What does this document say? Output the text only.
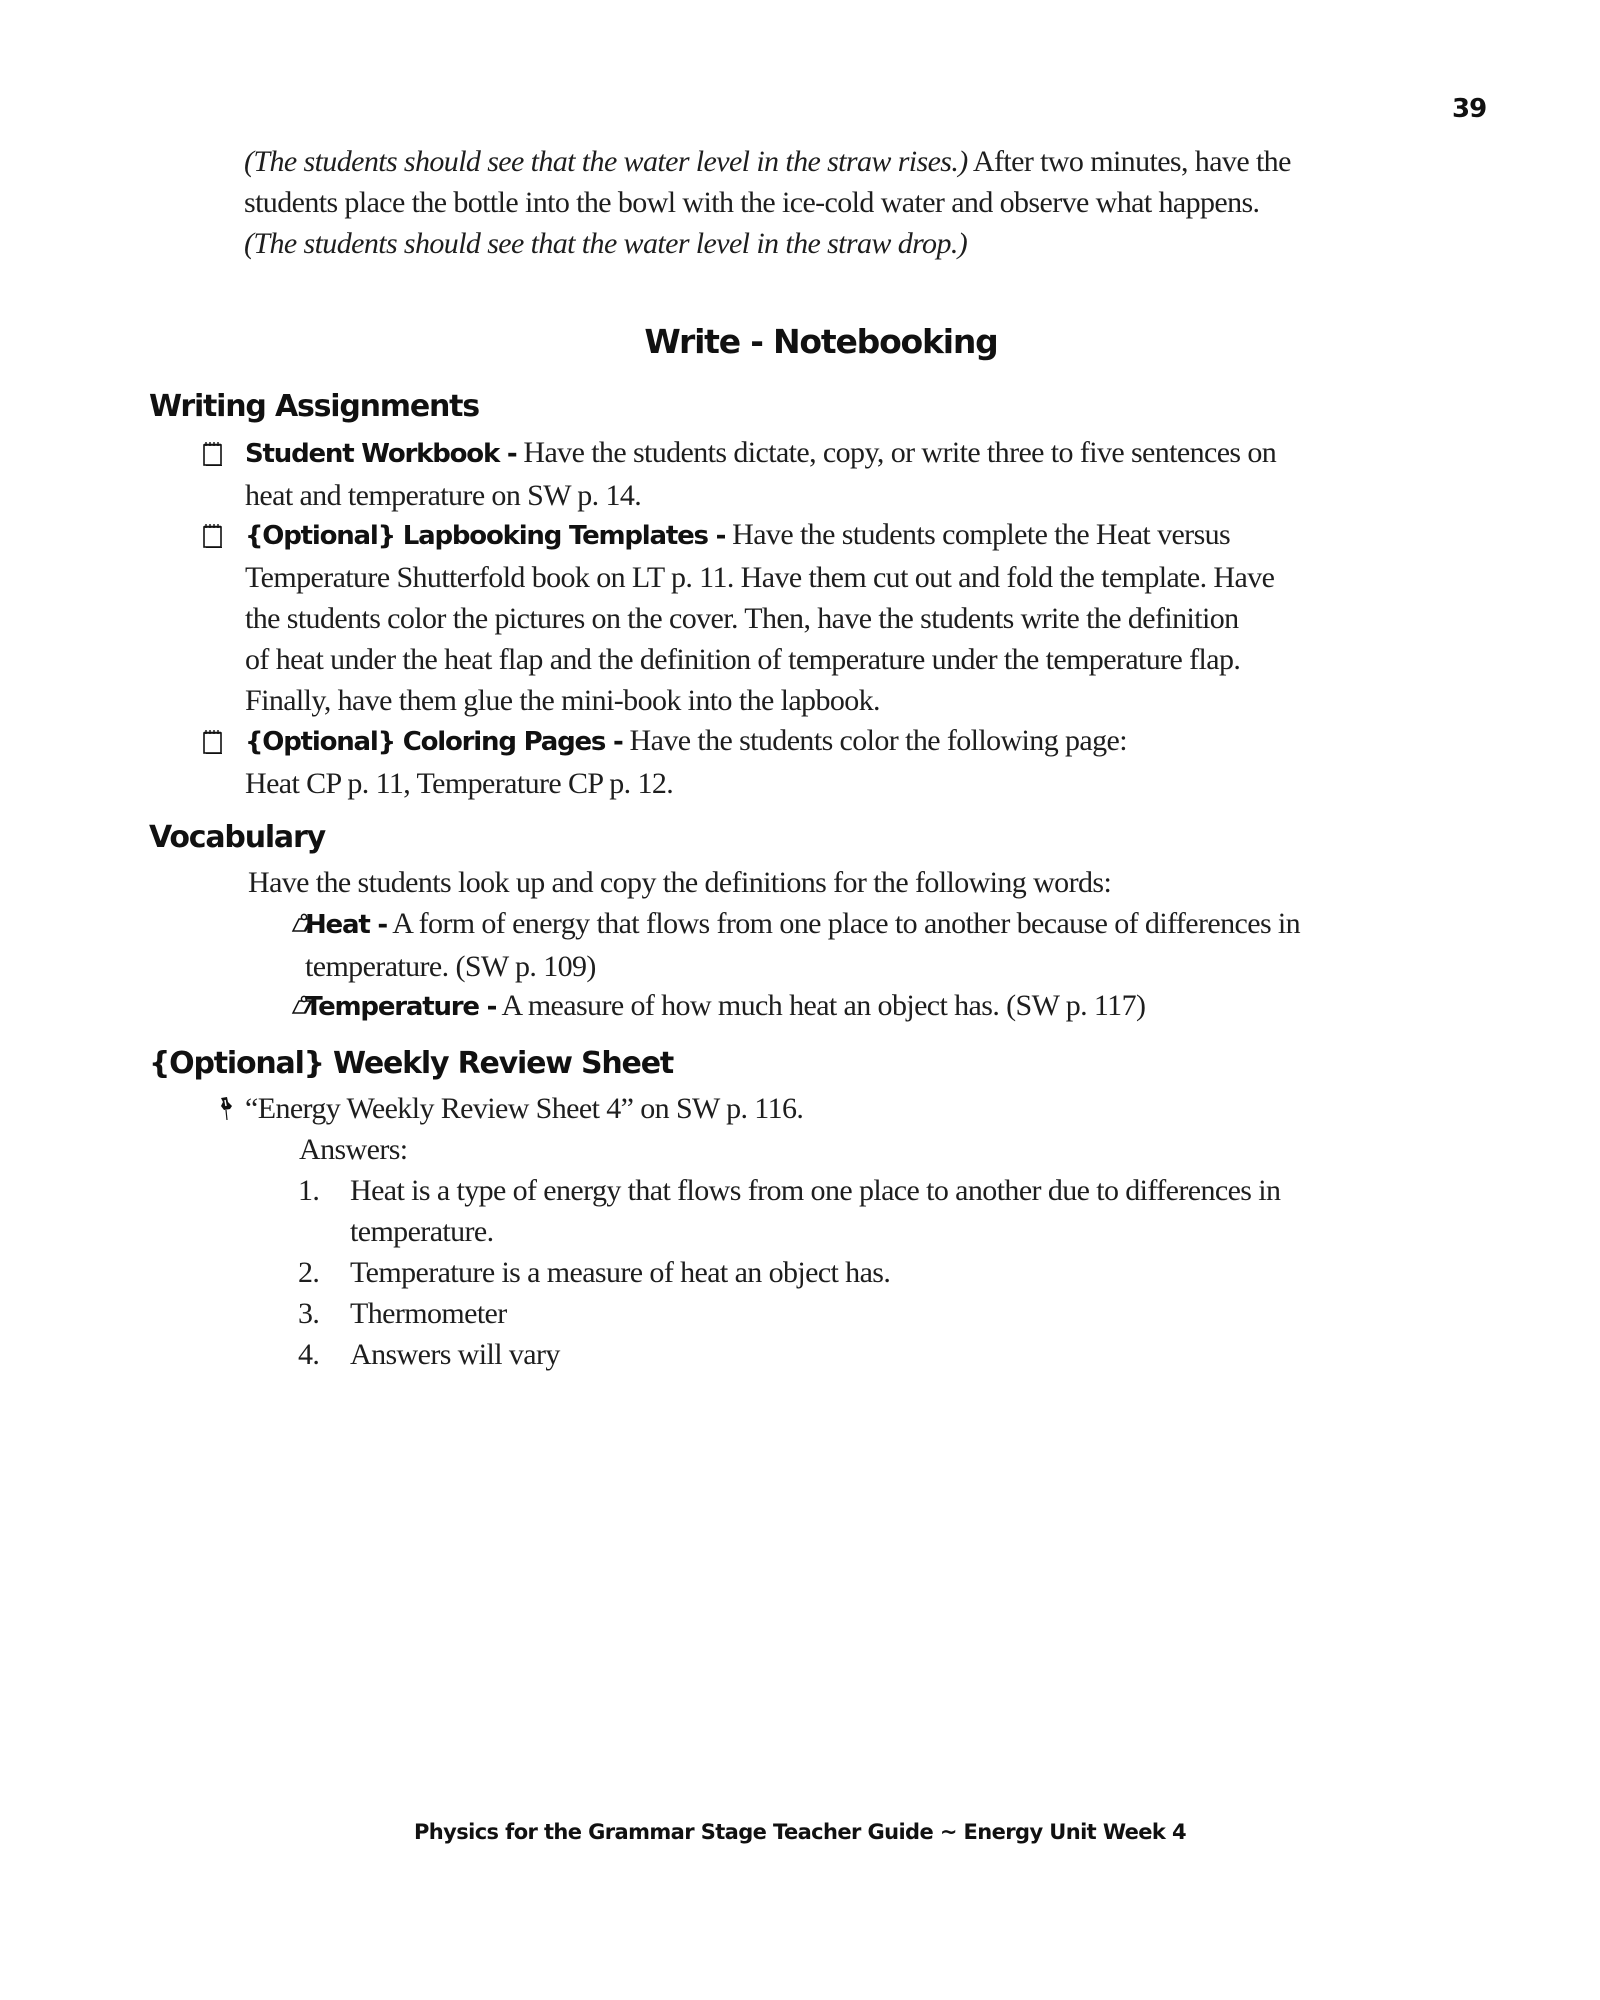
39
(The students should see that the water level in the straw rises.) After two minutes, have the
students place the bottle into the bowl with the ice-cold water and observe what happens.
(The students should see that the water level in the straw drop.)
Write - Notebooking
Writing Assignments
Student Workbook - Have the students dictate, copy, or write three to five sentences on
heat and temperature on SW p. 14.
{Optional} Lapbooking Templates - Have the students complete the Heat versus
Temperature Shutterfold book on LT p. 11. Have them cut out and fold the template. Have
the students color the pictures on the cover. Then, have the students write the definition
of heat under the heat flap and the definition of temperature under the temperature flap.
Finally, have them glue the mini-book into the lapbook.
{Optional} Coloring Pages - Have the students color the following page:
Heat CP p. 11, Temperature CP p. 12.
Vocabulary
Have the students look up and copy the definitions for the following words:
Heat - A form of energy that flows from one place to another because of differences in
temperature. (SW p. 109)
Temperature - A measure of how much heat an object has. (SW p. 117)
{Optional} Weekly Review Sheet
“Energy Weekly Review Sheet 4” on SW p. 116.
Answers:
1. Heat is a type of energy that flows from one place to another due to differences in
temperature.
2. Temperature is a measure of heat an object has.
3. Thermometer
4. Answers will vary
Physics for the Grammar Stage Teacher Guide ~ Energy Unit Week 4
